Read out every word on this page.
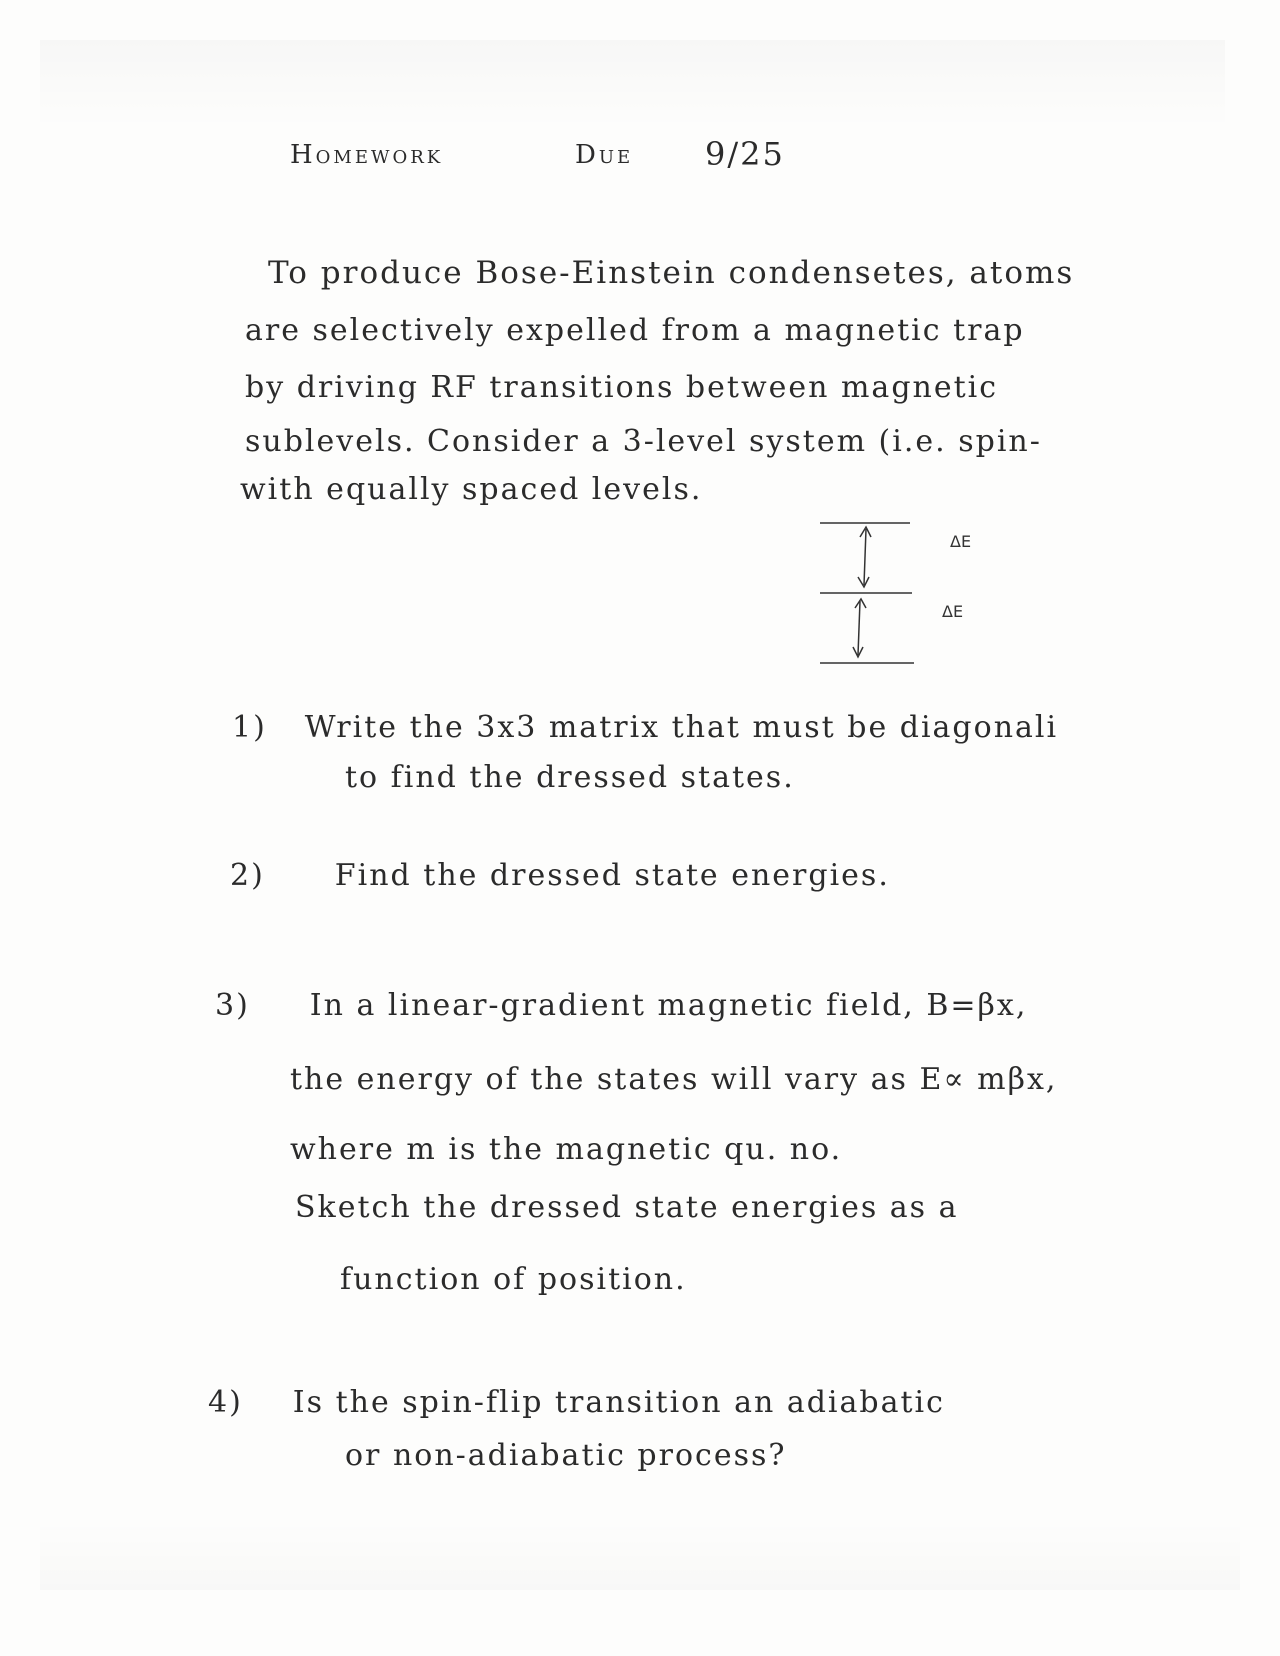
Homework	Due 9/25
To produce Bose-Einstein condensetes, atoms
are selectively expelled from a magnetic trap
by driving RF transitions between magnetic
sublevels. Consider a 3-level system (i.e. spin-
with equally spaced levels.
ΔE
ΔE
1) Write the 3x3 matrix that must be diagonali
to find the dressed states.
2) Find the dressed state energies.
3) In a linear-gradient magnetic field, B=βx,
the energy of the states will vary as E∝ mβx,
where m is the magnetic qu. no.
Sketch the dressed state energies as a
function of position.
4) Is the spin-flip transition an adiabatic
or non-adiabatic process?
